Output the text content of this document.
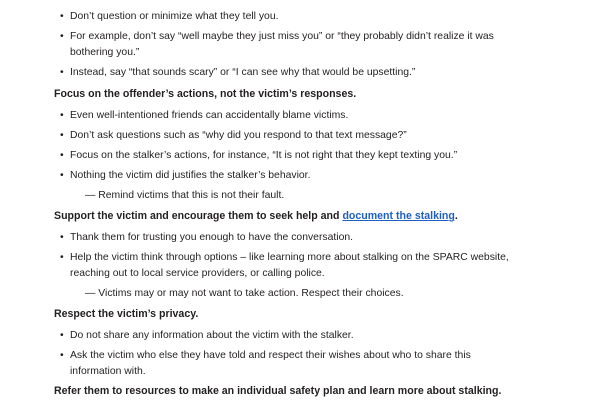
• Don’t question or minimize what they tell you.
• For example, don’t say “well maybe they just miss you” or “they probably didn’t realize it was bothering you.”
• Instead, say “that sounds scary” or “I can see why that would be upsetting.”
Focus on the offender’s actions, not the victim’s responses.
• Even well-intentioned friends can accidentally blame victims.
• Don’t ask questions such as “why did you respond to that text message?”
• Focus on the stalker’s actions, for instance, “It is not right that they kept texting you.”
• Nothing the victim did justifies the stalker’s behavior.
— Remind victims that this is not their fault.
Support the victim and encourage them to seek help and document the stalking.
• Thank them for trusting you enough to have the conversation.
• Help the victim think through options – like learning more about stalking on the SPARC website, reaching out to local service providers, or calling police.
— Victims may or may not want to take action. Respect their choices.
Respect the victim’s privacy.
• Do not share any information about the victim with the stalker.
• Ask the victim who else they have told and respect their wishes about who to share this information with.
Refer them to resources to make an individual safety plan and learn more about stalking.
